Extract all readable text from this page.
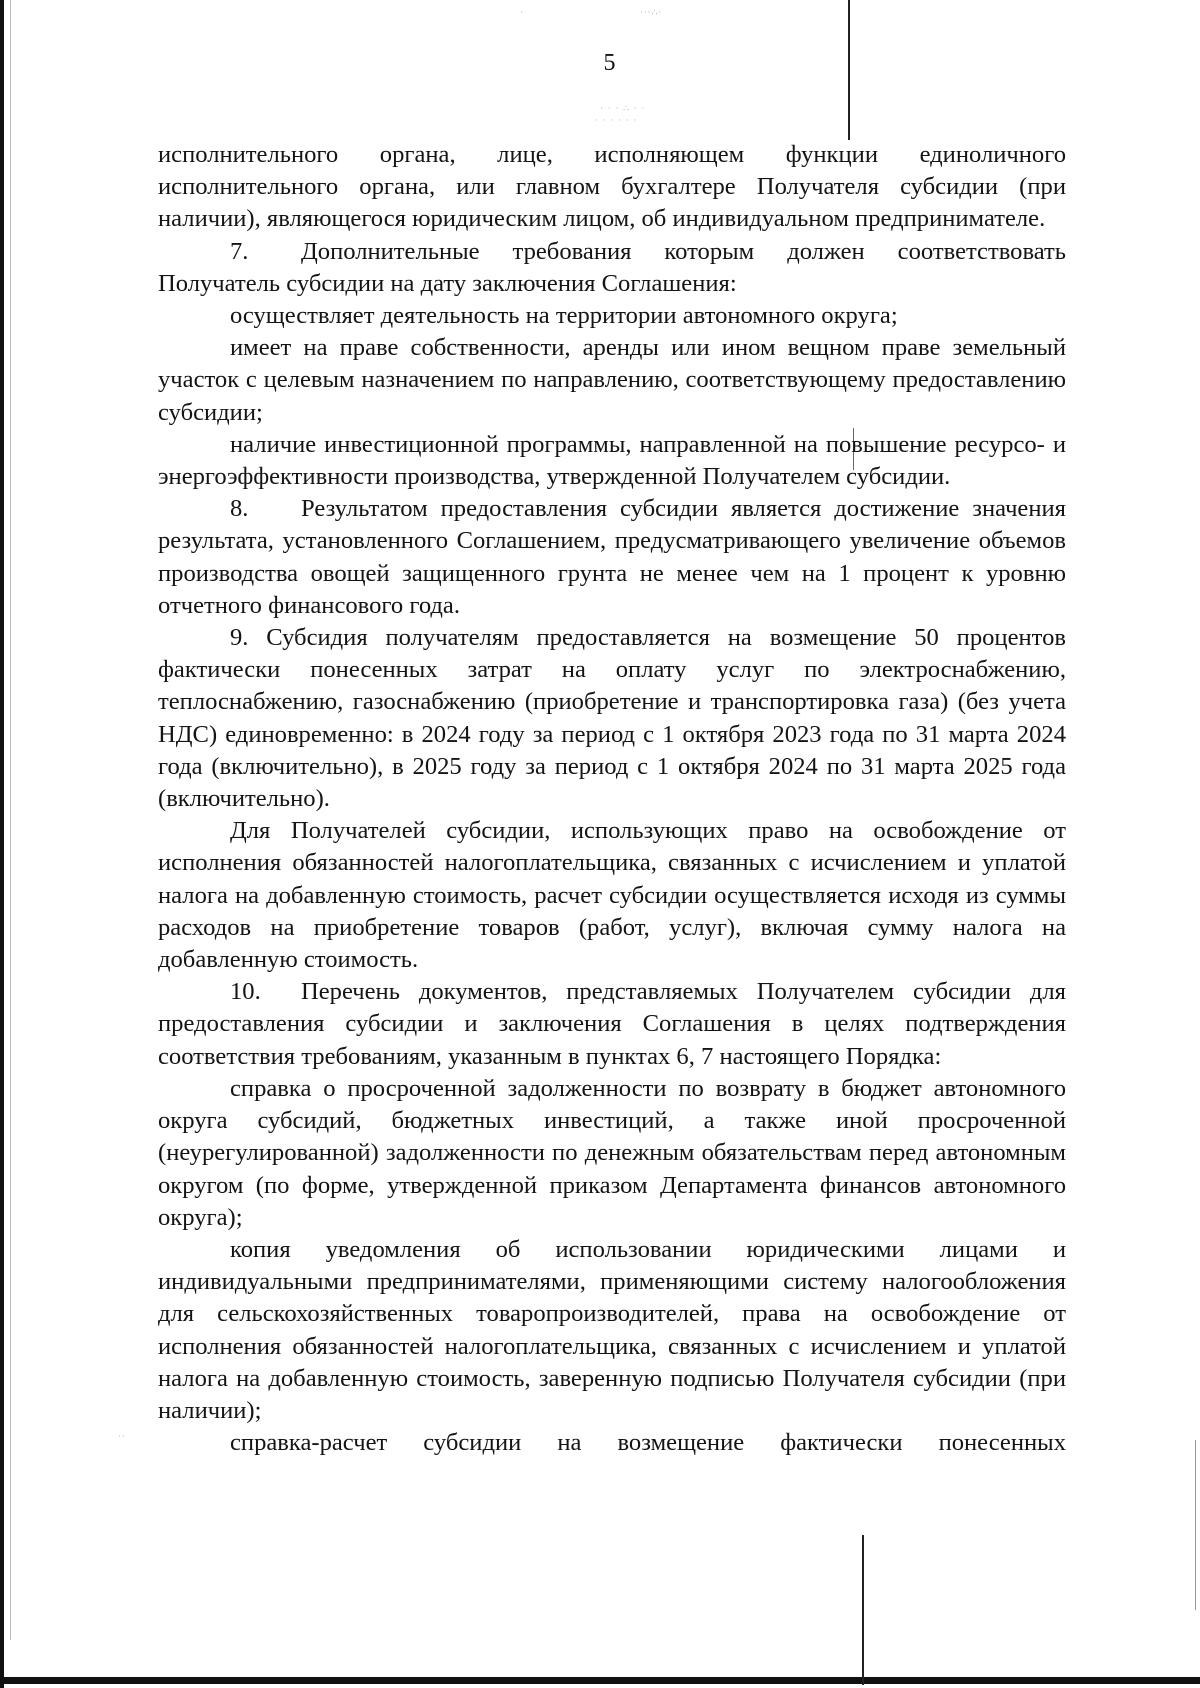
·	···∴·
· · · ∴ · ·
· · · · · ·
··
5

исполнительного органа, лице, исполняющем функции единоличного исполнительного органа, или главном бухгалтере Получателя субсидии (при наличии), являющегося юридическим лицом, об индивидуальном предпринимателе.

7. Дополнительные требования которым должен соответствовать Получатель субсидии на дату заключения Соглашения:

осуществляет деятельность на территории автономного округа;

имеет на праве собственности, аренды или ином вещном праве земельный участок с целевым назначением по направлению, соответствующему предоставлению субсидии;

наличие инвестиционной программы, направленной на повышение ресурсо- и энергоэффективности производства, утвержденной Получателем субсидии.

8. Результатом предоставления субсидии является достижение значения результата, установленного Соглашением, предусматривающего увеличение объемов производства овощей защищенного грунта не менее чем на 1 процент к уровню отчетного финансового года.

9. Субсидия получателям предоставляется на возмещение 50 процентов фактически понесенных затрат на оплату услуг по электроснабжению, теплоснабжению, газоснабжению (приобретение и транспортировка газа) (без учета НДС) единовременно: в 2024 году за период с 1 октября 2023 года по 31 марта 2024 года (включительно), в 2025 году за период с 1 октября 2024 по 31 марта 2025 года (включительно).

Для Получателей субсидии, использующих право на освобождение от исполнения обязанностей налогоплательщика, связанных с исчислением и уплатой налога на добавленную стоимость, расчет субсидии осуществляется исходя из суммы расходов на приобретение товаров (работ, услуг), включая сумму налога на добавленную стоимость.

10. Перечень документов, представляемых Получателем субсидии для предоставления субсидии и заключения Соглашения в целях подтверждения соответствия требованиям, указанным в пунктах 6, 7 настоящего Порядка:

справка о просроченной задолженности по возврату в бюджет автономного округа субсидий, бюджетных инвестиций, а также иной просроченной (неурегулированной) задолженности по денежным обязательствам перед автономным округом (по форме, утвержденной приказом Департамента финансов автономного округа);

копия уведомления об использовании юридическими лицами и индивидуальными предпринимателями, применяющими систему налогообложения для сельскохозяйственных товаропроизводителей, права на освобождение от исполнения обязанностей налогоплательщика, связанных с исчислением и уплатой налога на добавленную стоимость, заверенную подписью Получателя субсидии (при наличии);

справка-расчет субсидии на возмещение фактически понесенных
